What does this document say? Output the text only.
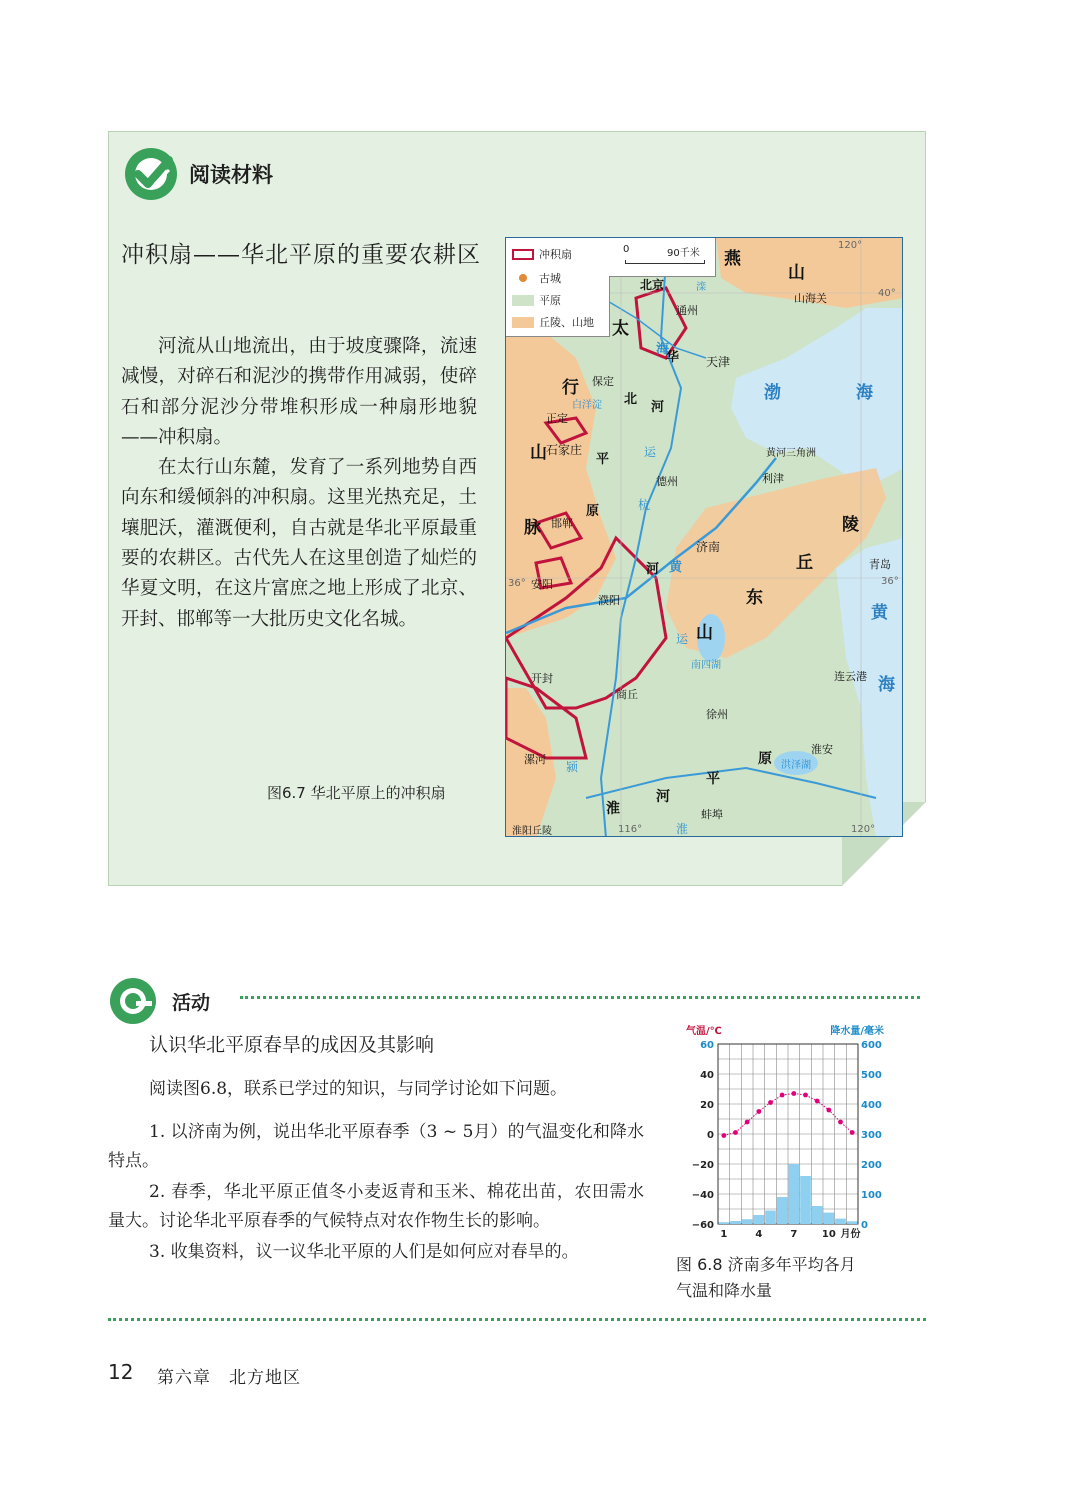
阅读材料
冲积扇——华北平原的重要农耕区

河流从山地流出，由于坡度骤降，流速减慢，对碎石和泥沙的携带作用减弱，使碎石和部分泥沙分带堆积形成一种扇形地貌——冲积扇。

在太行山东麓，发育了一系列地势自西向东和缓倾斜的冲积扇。这里光热充足，土壤肥沃，灌溉便利，自古就是华北平原最重要的农耕区。古代先人在这里创造了灿烂的华夏文明，在这片富庶之地上形成了北京、开封、邯郸等一大批历史文化名城。

图6.7 华北平原上的冲积扇
冲积扇
古城
平原
丘陵、山地
0	90千米
120°
40°
36°	36°
116°	120°
北京
通州
天津
保定
正定
石家庄
邯郸
安阳
濮阳
开封
商丘
漯河
德州
济南
利津
青岛
连云港
徐州
淮安
蚌埠
山海关
燕
山
太
行
山
脉
华
北
平
原
山
东
丘
陵
淮
河
平
原
渤	海
黄
海
淮阳丘陵
黄河三角洲
海
河
运
杭
运
黄
河
南四湖
滦
白洋淀
洪泽湖
颍
淮
活动
认识华北平原春旱的成因及其影响
阅读图6.8，联系已学过的知识，与同学讨论如下问题。

1. 以济南为例，说出华北平原春季（3 ~ 5月）的气温变化和降水特点。

2. 春季，华北平原正值冬小麦返青和玉米、棉花出苗，农田需水量大。讨论华北平原春季的气候特点对农作物生长的影响。

3. 收集资料，议一议华北平原的人们是如何应对春旱的。

60
40
20
0
−20
−40
−60
600
500
400
300
200
100
0
气温/℃	降水量/毫米
1	4	7 10 月份
图 6.8 济南多年平均各月
气温和降水量
12 第六章　北方地区
